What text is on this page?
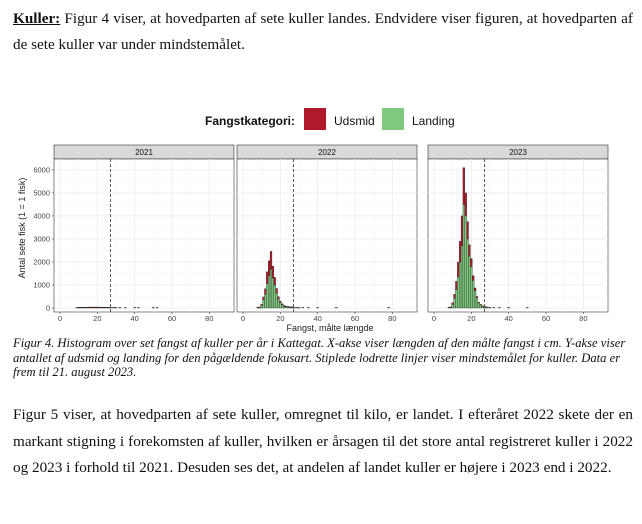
Kuller: Figur 4 viser, at hovedparten af sete kuller landes. Endvidere viser figuren, at hovedparten af de sete kuller var under mindstemålet.
Fangstkategori:	Udsmid	Landing
2021
0	20	40	60	80
0
1000
2000
3000
4000
5000
6000
2022
0	20	40	60	80
2023
0	20	40	60	80
Antal sete fisk (1 = 1 fisk)
Fangst, målte længde
Figur 4. Histogram over set fangst af kuller per år i Kattegat. X-akse viser længden af den målte fangst i cm. Y-akse viser antallet af udsmid og landing for den pågældende fokusart. Stiplede lodrette linjer viser mindstemålet for kuller. Data er frem til 21. august 2023.
Figur 5 viser, at hovedparten af sete kuller, omregnet til kilo, er landet. I efteråret 2022 skete der en markant stigning i forekomsten af kuller, hvilken er årsagen til det store antal registreret kuller i 2022 og 2023 i forhold til 2021. Desuden ses det, at andelen af landet kuller er højere i 2023 end i 2022.
